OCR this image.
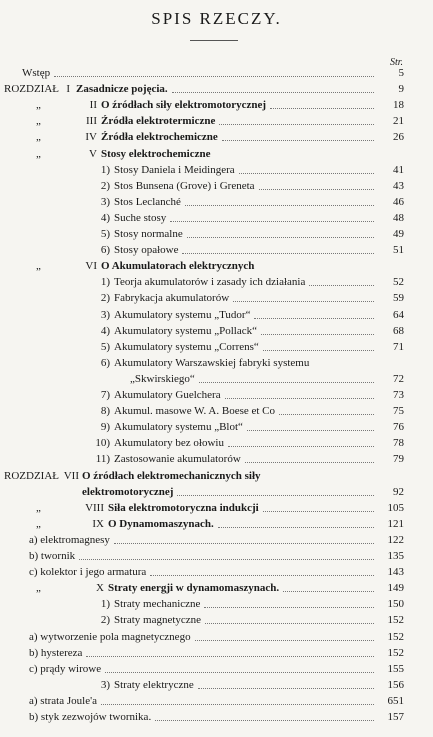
SPIS RZECZY.
Str.
Wstęp	5
ROZDZIAŁ I Zasadnicze pojęcia.	9
„	II O źródłach siły elektromotorycznej	18
„	III Źródła elektrotermiczne	21
„	IV Źródła elektrochemiczne	26
„	V Stosy elektrochemiczne
1) Stosy Daniela i Meidingera	41
2) Stos Bunsena (Grove) i Greneta	43
3) Stos Leclanché	46
4) Suche stosy	48
5) Stosy normalne	49
6) Stosy opałowe	51
„	VI O Akumulatorach elektrycznych
1) Teorja akumulatorów i zasady ich działania	52
2) Fabrykacja akumulatorów	59
3) Akumulatory systemu „Tudor“	64
4) Akumulatory systemu „Pollack“	68
5) Akumulatory systemu „Correns“	71
6) Akumulatory Warszawskiej fabryki systemu
„Skwirskiego“	72
7) Akumulatory Guelchera	73
8) Akumul. masowe W. A. Boese et Co	75
9) Akumulatory systemu „Blot“	76
10) Akumulatory bez ołowiu	78
11) Zastosowanie akumulatorów	79
ROZDZIAŁ VII O źródłach elektromechanicznych siły
elektromotorycznej	92
„	VIII Siła elektromotoryczna indukcji	105
„	IX O Dynamomaszynach.	121
a) elektromagnesy	122
b) twornik	135
c) kolektor i jego armatura	143
„	X Straty energji w dynamomaszynach.	149
1) Straty mechaniczne	150
2) Straty magnetyczne	152
a) wytworzenie pola magnetycznego	152
b) hystereza	152
c) prądy wirowe	155
3) Straty elektryczne	156
a) strata Joule'a	651
b) styk zezwojów twornika.	157
